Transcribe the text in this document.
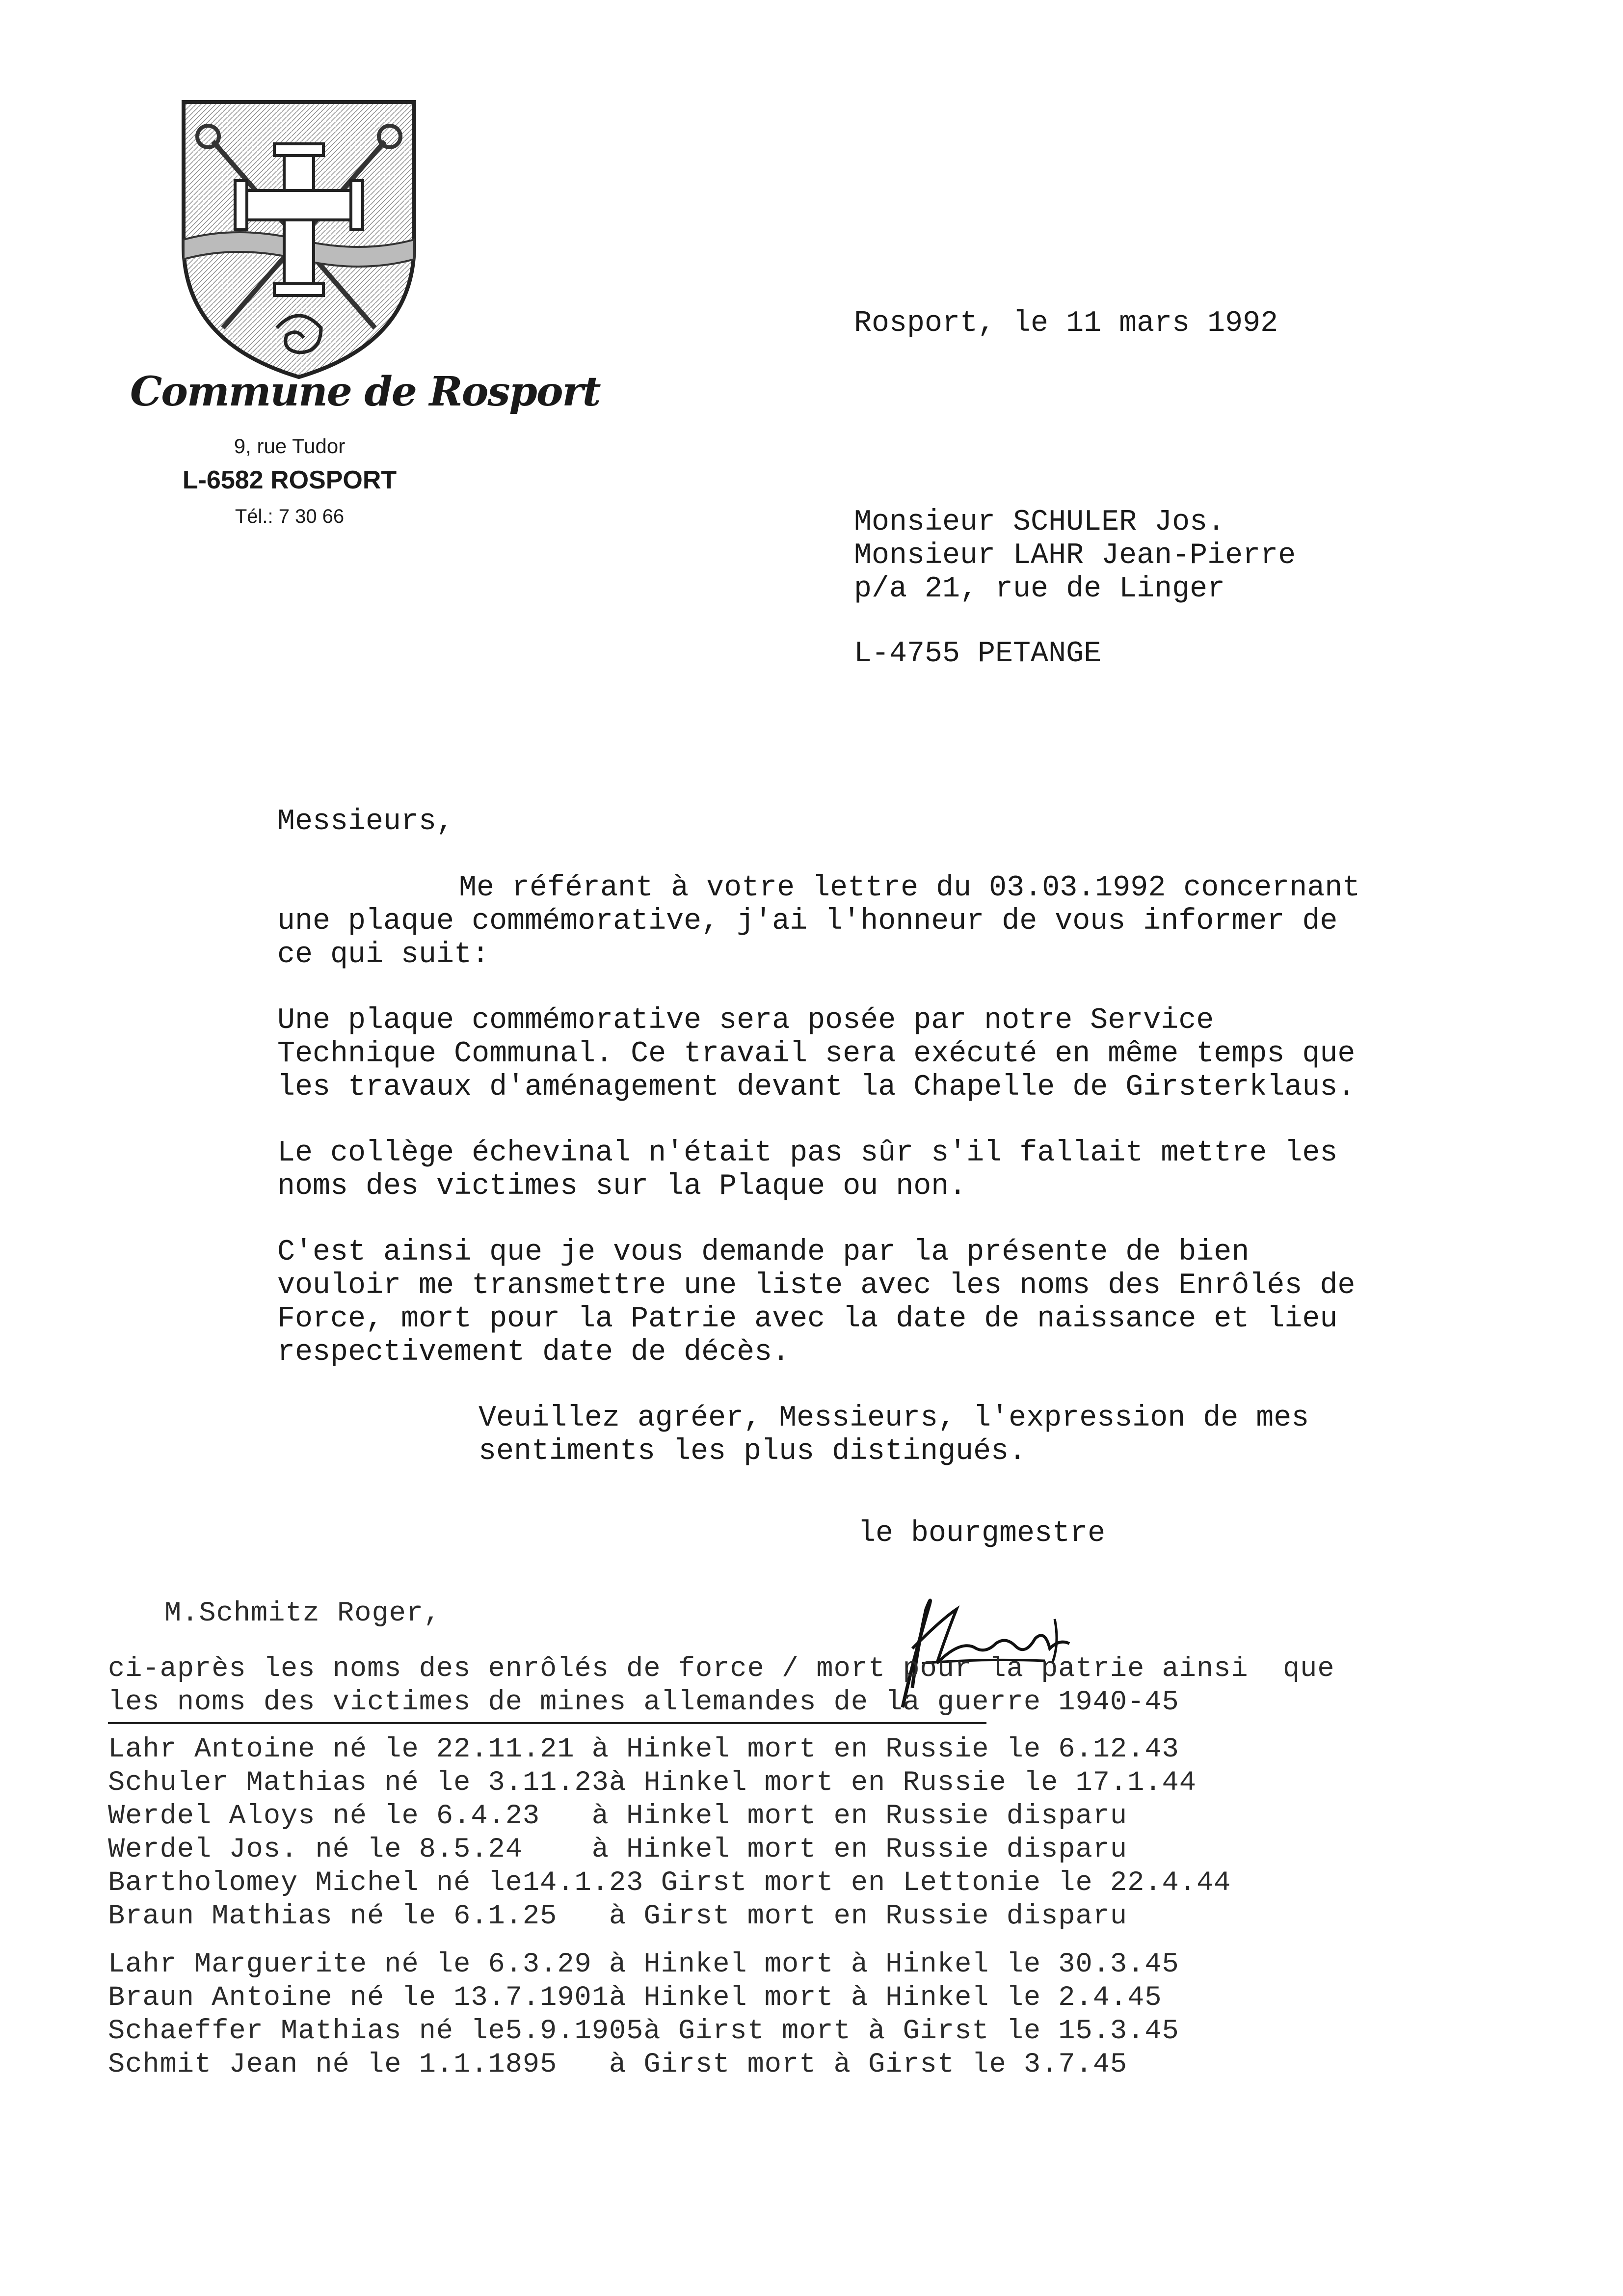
Commune de Rosport
9, rue Tudor
L-6582 ROSPORT
Tél.: 7 30 66
Rosport, le 11 mars 1992
Monsieur SCHULER Jos.
Monsieur LAHR Jean-Pierre
p/a 21, rue de Linger
L-4755 PETANGE
Messieurs,
Me référant à votre lettre du 03.03.1992 concernant
une plaque commémorative, j'ai l'honneur de vous informer de
ce qui suit:
Une plaque commémorative sera posée par notre Service
Technique Communal. Ce travail sera exécuté en même temps que
les travaux d'aménagement devant la Chapelle de Girsterklaus.
Le collège échevinal n'était pas sûr s'il fallait mettre les
noms des victimes sur la Plaque ou non.
C'est ainsi que je vous demande par la présente de bien
vouloir me transmettre une liste avec les noms des Enrôlés de
Force, mort pour la Patrie avec la date de naissance et lieu
respectivement date de décès.
Veuillez agréer, Messieurs, l'expression de mes
sentiments les plus distingués.
le bourgmestre

M.Schmitz Roger,
ci-après les noms des enrôlés de force / mort pour la patrie ainsi  que
les noms des victimes de mines allemandes de la guerre 1940-45
Lahr Antoine né le 22.11.21 à Hinkel mort en Russie le 6.12.43
Schuler Mathias né le 3.11.23à Hinkel mort en Russie le 17.1.44
Werdel Aloys né le 6.4.23   à Hinkel mort en Russie disparu
Werdel Jos. né le 8.5.24    à Hinkel mort en Russie disparu
Bartholomey Michel né le14.1.23 Girst mort en Lettonie le 22.4.44
Braun Mathias né le 6.1.25   à Girst mort en Russie disparu
Lahr Marguerite né le 6.3.29 à Hinkel mort à Hinkel le 30.3.45
Braun Antoine né le 13.7.1901à Hinkel mort à Hinkel le 2.4.45
Schaeffer Mathias né le5.9.1905à Girst mort à Girst le 15.3.45
Schmit Jean né le 1.1.1895   à Girst mort à Girst le 3.7.45
